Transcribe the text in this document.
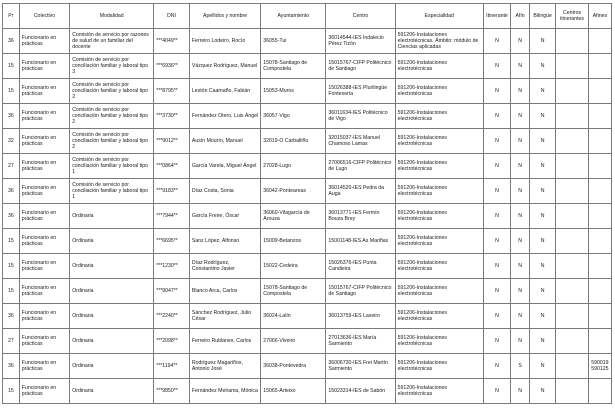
Pr	Colectivo	Modalidad	DNI	Apellidos y nombre	Ayuntamiento	Centro	Especialidad	Itinerante	Afín	Bilingüe	Centros itinerantes	Afines
36	Funcionario en prácticas	Comisión de servicio por razones de salud de un familiar del docente	***4049**	Ferreiro Lodeiro, Rocío	36055-Tui	36014544-IES Indalecio Pérez Tizón	591206-Instalaciones electrotécnicas. Ámbito: módulo de Ciencias aplicadas	N	N	N		
15	Funcionario en prácticas	Comisión de servicio por conciliación familiar y laboral tipo 3	***6936**	Vázquez Rodríguez, Manuel	15078-Santiago de Compostela	15015767-CIFP Politécnico de Santiago	591206-Instalaciones electrotécnicas	N	N	N		
15	Funcionario en prácticas	Comisión de servicio por conciliación familiar y laboral tipo 2	***8795**	Lestón Caamaño, Fabián	15053-Muros	15026388-IES Plurilingüe Fontexería	591206-Instalaciones electrotécnicas	N	N	N		
36	Funcionario en prácticas	Comisión de servicio por conciliación familiar y laboral tipo 2	***3730**	Fernández Otero, Luis Ángel	36057-Vigo	36011634-IES Politécnico de Vigo	591206-Instalaciones electrotécnicas	N	N	N		
32	Funcionario en prácticas	Comisión de servicio por conciliación familiar y laboral tipo 2	***9012**	Ausín Mourín, Manuel	32019-O Carballiño	32015037-IES Manuel Chamoso Lamas	591206-Instalaciones electrotécnicas	N	N	N		
27	Funcionario en prácticas	Comisión de servicio por conciliación familiar y laboral tipo 1	***0864**	García Varela, Miguel Ángel	27028-Lugo	27006516-CIFP Politécnico de Lugo	591206-Instalaciones electrotécnicas	N	N	N		
36	Funcionario en prácticas	Comisión de servicio por conciliación familiar y laboral tipo 1	***9183**	Díaz Costa, Sonia	36042-Ponteareas	36014520-IES Pedra da Auga	591206-Instalaciones electrotécnicas	N	N	N		
36	Funcionario en prácticas	Ordinaria	***7944**	García Freire, Óscar	36060-Vilagarcía de Arousa	36013771-IES Fermín Bouza Brey	591206-Instalaciones electrotécnicas	N	N	N		
15	Funcionario en prácticas	Ordinaria	***6695**	Sanz López, Alfonso	15009-Betanzos	15001148-IES As Mariñas	591206-Instalaciones electrotécnicas	N	N	N		
15	Funcionario en prácticas	Ordinaria	***1230**	Díaz Rodríguez, Constantino Javier	15022-Cedeira	15026376-IES Punta Candieira	591206-Instalaciones electrotécnicas	N	N	N		
15	Funcionario en prácticas	Ordinaria	***9047**	Blanco Arca, Carlos	15078-Santiago de Compostela	15015767-CIFP Politécnico de Santiago	591206-Instalaciones electrotécnicas	N	N	N		
36	Funcionario en prácticas	Ordinaria	***2240**	Sánchez Rodríguez, Julio César	36024-Lalín	36013759-IES Laxeiro	591206-Instalaciones electrotécnicas	N	N	N		
27	Funcionario en prácticas	Ordinaria	***2098**	Ferreiro Rublanes, Carlos	27066-Viveiro	27013636-IES María Sarmiento	591206-Instalaciones electrotécnicas	N	N	N		
36	Funcionario en prácticas	Ordinaria	***1194**	Rodríguez Magariños, Antonio José	36038-Pontevedra	36006730-IES Frei Martín Sarmiento	591206-Instalaciones electrotécnicas	N	S	N		590019 590125
15	Funcionario en prácticas	Ordinaria	***9850**	Fernández Melrama, Mónica	15065-Arteixo	15023314-IES de Sabón	591206-Instalaciones electrotécnicas	N	N	N		
